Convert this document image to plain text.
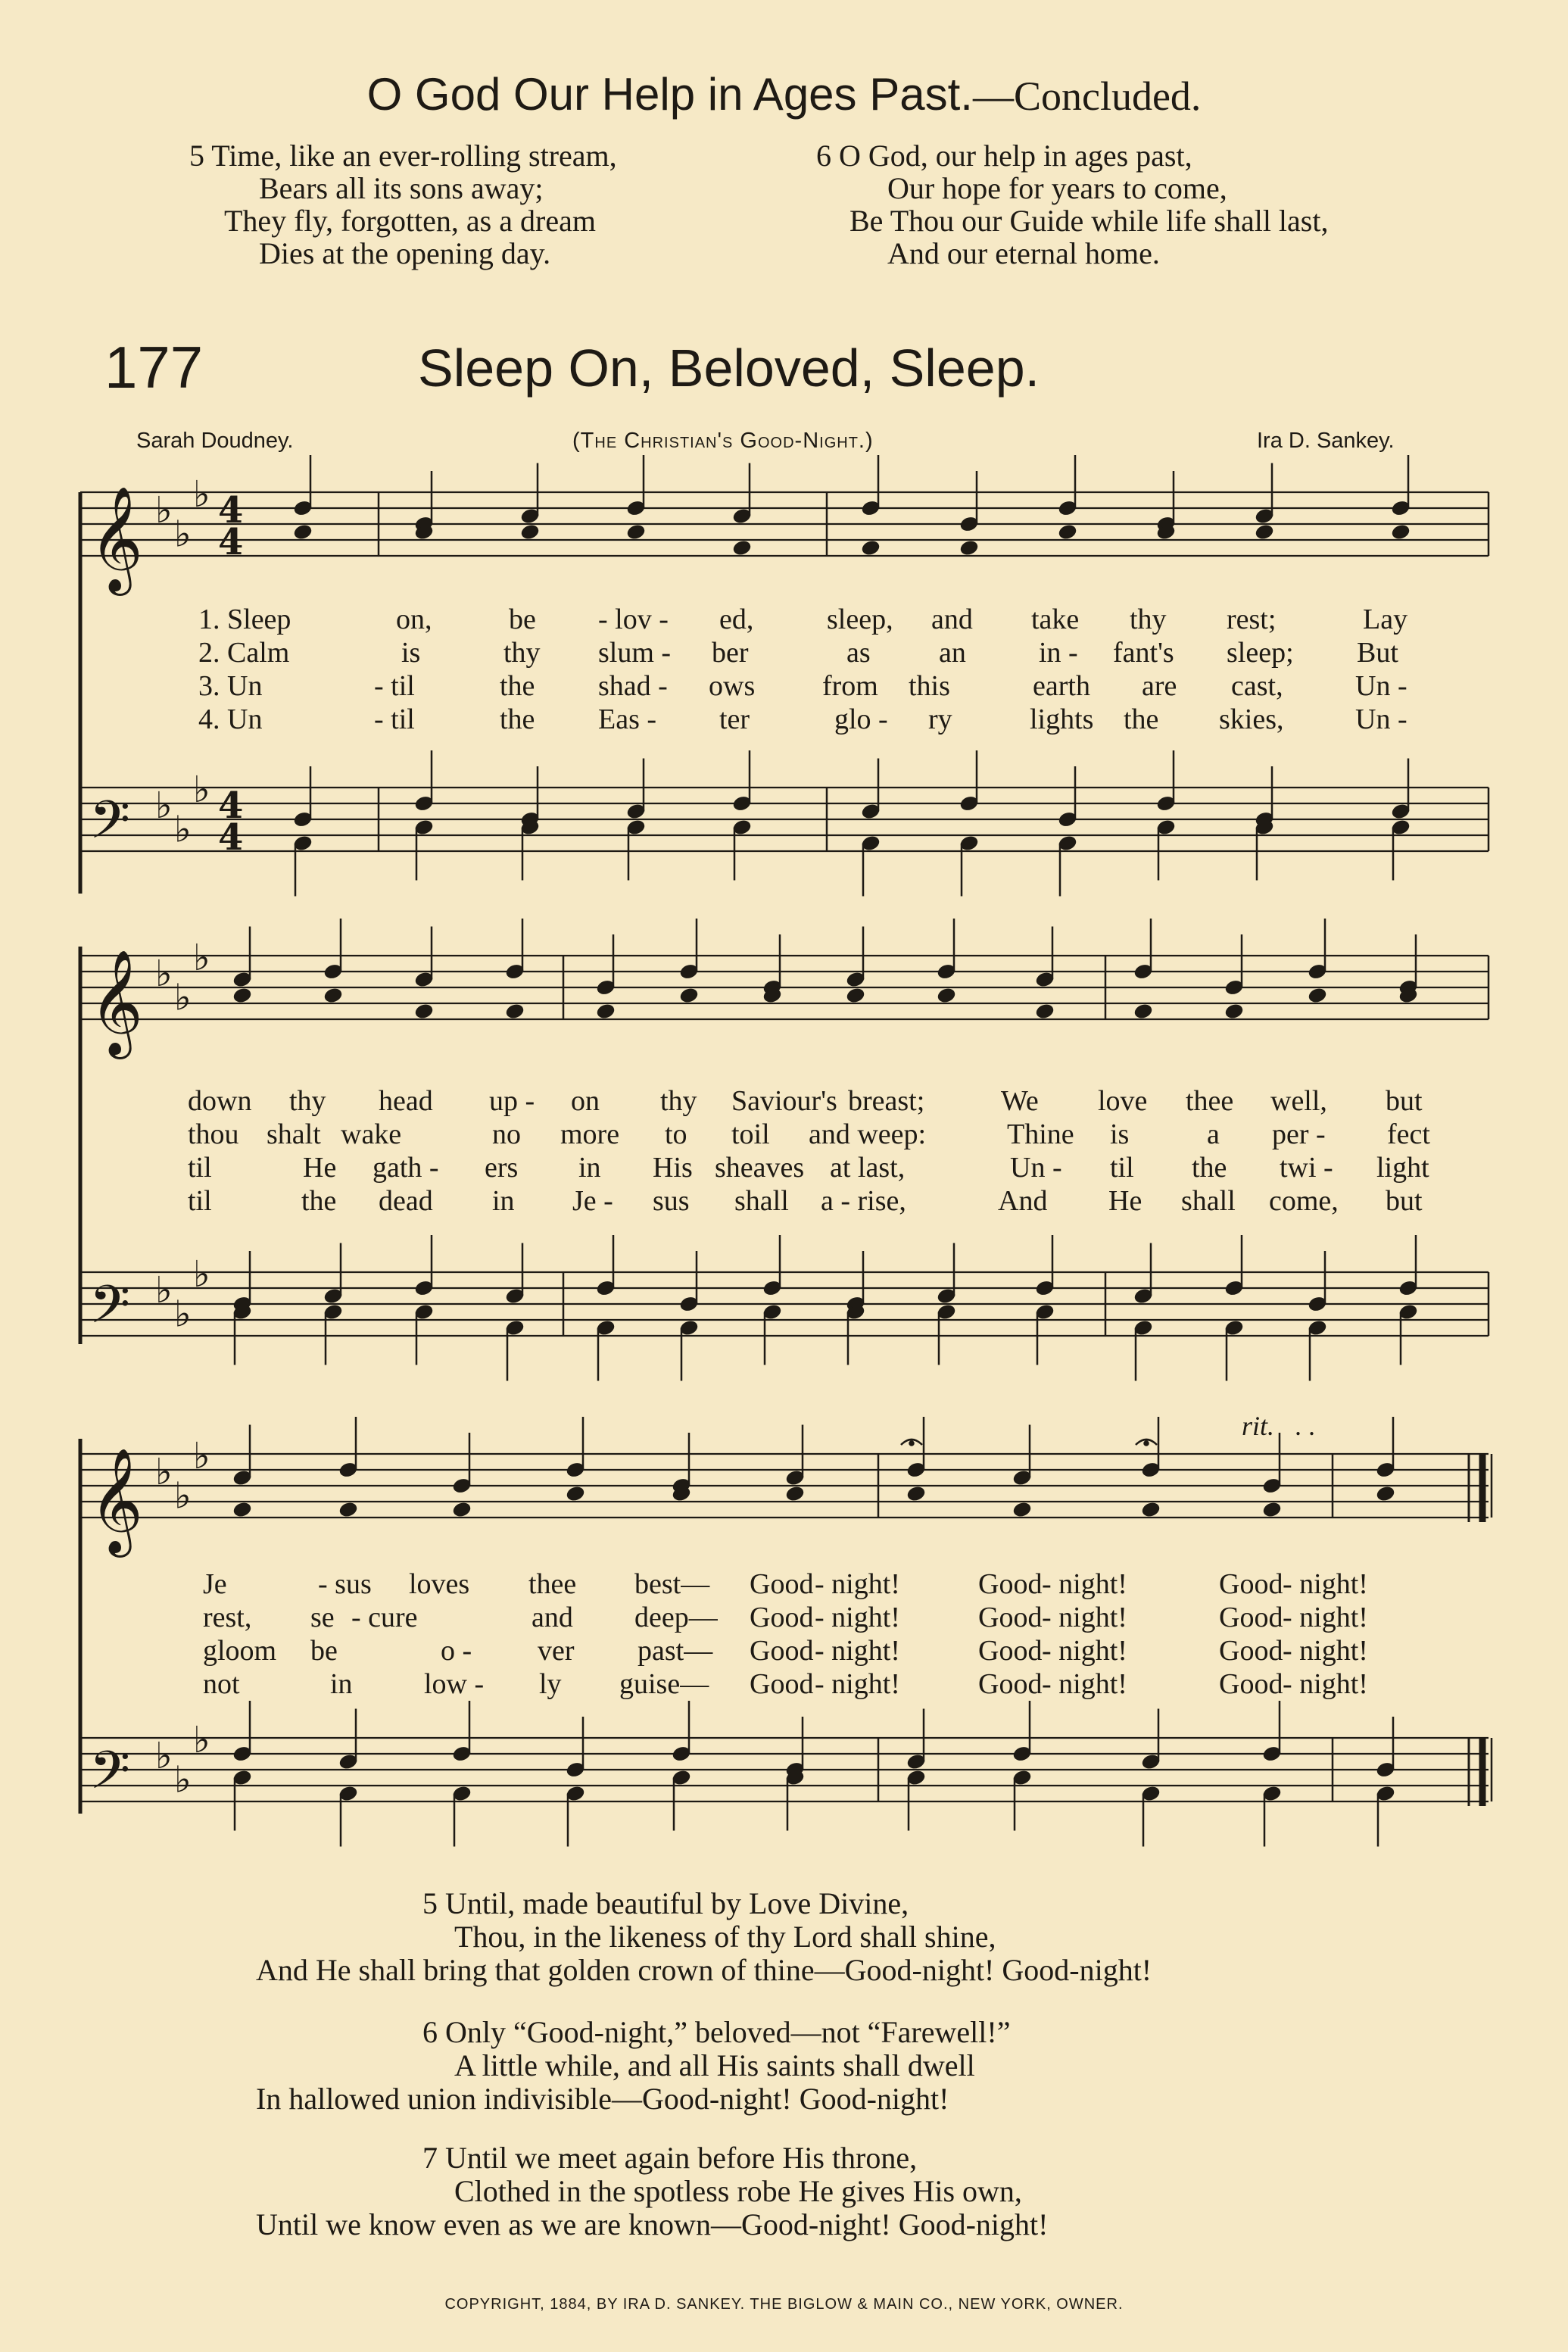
O God Our Help in Ages Past.—Concluded.
5 Time, like an ever-rolling stream,
Bears all its sons away;
They fly, forgotten, as a dream
Dies at the opening day.
6 O God, our help in ages past,
Our hope for years to come,
Be Thou our Guide while life shall last,
And our eternal home.
177	Sleep On, Beloved, Sleep.
Sarah Doudney.	(The Christian's Good-Night.)	Ira D. Sankey.
𝄞 ♭
♭
♭ 4
4
𝄢 ♭
♭
♭ 4
4
𝄞 ♭
♭
♭
𝄢 ♭
♭
♭
𝄞 ♭
♭
♭
𝄢 ♭
♭
♭
rit. . .
1. Sleep	on,	be - lov - ed,	sleep, and take thy rest;	Lay
2. Calm	is	thy slum - ber	as an	in - fant's sleep; But
3. Un	- til	the shad - ows from this	earth are cast,	Un -
4. Un	- til	the Eas - ter	glo - ry	lights the skies, Un -
down thy head up - on thy Saviour's breast;	We love thee well, but
thou shalt wake	no more to toil and weep:	Thine is	a per - fect
til	He gath - ers in His sheaves at last,	Un - til the twi - light
til	the dead in Je - sus shall a - rise,	And He shall come, but
Je	- sus loves thee best— Good - night!	Good - night!	Good - night!
rest, se - cure	and deep— Good - night!	Good - night!	Good - night!
gloom be	o - ver past— Good - night!	Good - night!	Good - night!
not	in low - ly guise— Good - night!	Good - night!	Good - night!
5 Until, made beautiful by Love Divine,
Thou, in the likeness of thy Lord shall shine,
And He shall bring that golden crown of thine—Good-night! Good-night!
6 Only “Good-night,” beloved—not “Farewell!”
A little while, and all His saints shall dwell
In hallowed union indivisible—Good-night! Good-night!
7 Until we meet again before His throne,
Clothed in the spotless robe He gives His own,
Until we know even as we are known—Good-night! Good-night!
COPYRIGHT, 1884, BY IRA D. SANKEY. THE BIGLOW & MAIN CO., NEW YORK, OWNER.
